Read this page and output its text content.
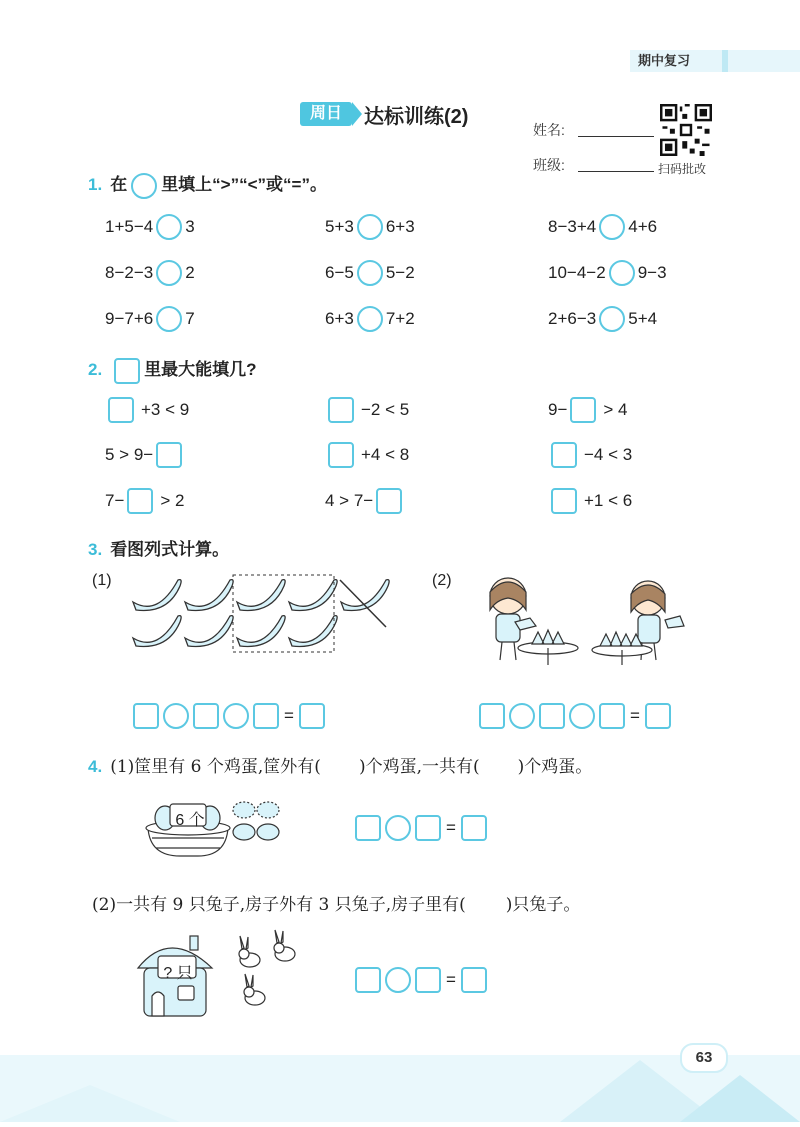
期中复习
周日	达标训练(2)
姓名:
班级:	扫码批改
1. 在 里填上“>”“<”或“=”。
1+5−4 3	5+3 6+3	8−3+4 4+6
8−2−3 2	6−5 5−2	10−4−2 9−3
9−7+6 7	6+3 7+2	2+6−3 5+4
2. 里最大能填几?
+3 < 9	−2 < 5	9− > 4
5 > 9−	+4 < 8	−4 < 3
7− > 2	4 > 7−	+1 < 6
3. 看图列式计算。
(1)	(2)
=	=
4. (1)筐里有 6 个鸡蛋,筐外有( )个鸡蛋,一共有( )个鸡蛋。
6 个	=
(2)一共有 9 只兔子,房子外有 3 只兔子,房子里有( )只兔子。
? 只	=
63
